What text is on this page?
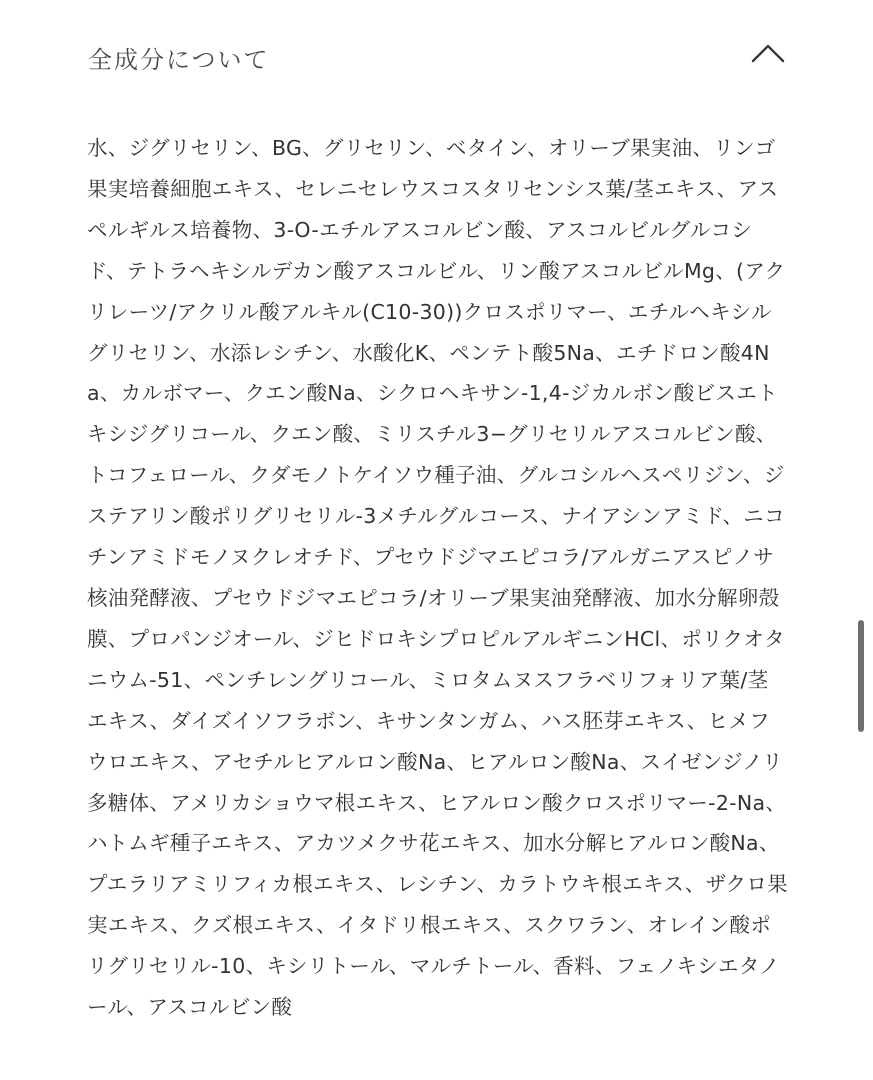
全成分について

水、ジグリセリン、BG、グリセリン、ベタイン、オリーブ果実油、リンゴ果実培養細胞エキス、セレニセレウスコスタリセンシス葉/茎エキス、アスペルギルス培養物、3-O-エチルアスコルビン酸、アスコルビルグルコシド、テトラヘキシルデカン酸アスコルビル、リン酸アスコルビルMg、(アクリレーツ/アクリル酸アルキル(C10-30))クロスポリマー、エチルヘキシルグリセリン、水添レシチン、水酸化K、ペンテト酸5Na、エチドロン酸4Na、カルボマー、クエン酸Na、シクロヘキサン-1,4-ジカルボン酸ビスエトキシジグリコール、クエン酸、ミリスチル3−グリセリルアスコルビン酸、トコフェロール、クダモノトケイソウ種子油、グルコシルヘスペリジン、ジステアリン酸ポリグリセリル-3メチルグルコース、ナイアシンアミド、ニコチンアミドモノヌクレオチド、プセウドジマエピコラ/アルガニアスピノサ核油発酵液、プセウドジマエピコラ/オリーブ果実油発酵液、加水分解卵殻膜、プロパンジオール、ジヒドロキシプロピルアルギニンHCl、ポリクオタニウム-51、ペンチレングリコール、ミロタムヌスフラベリフォリア葉/茎エキス、ダイズイソフラボン、キサンタンガム、ハス胚芽エキス、ヒメフウロエキス、アセチルヒアルロン酸Na、ヒアルロン酸Na、スイゼンジノリ多糖体、アメリカショウマ根エキス、ヒアルロン酸クロスポリマー-2-Na、ハトムギ種子エキス、アカツメクサ花エキス、加水分解ヒアルロン酸Na、プエラリアミリフィカ根エキス、レシチン、カラトウキ根エキス、ザクロ果実エキス、クズ根エキス、イタドリ根エキス、スクワラン、オレイン酸ポリグリセリル-10、キシリトール、マルチトール、香料、フェノキシエタノール、アスコルビン酸
